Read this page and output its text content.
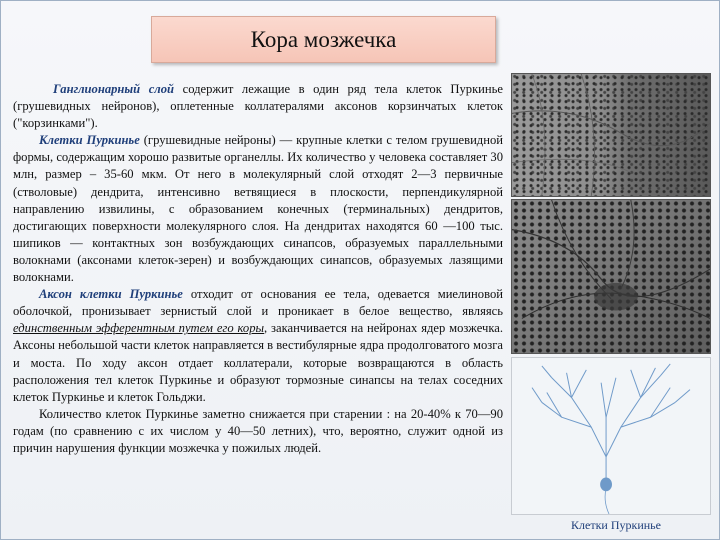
Кора мозжечка

Ганглионарный слой содержит лежащие в один ряд тела клеток Пуркинье (грушевидных нейронов), оплетенные коллатералями аксонов корзинчатых клеток ("корзинками").

Клетки Пуркинье (грушевидные нейроны) — крупные клетки с телом грушевидной формы, содержащим хорошо развитые органеллы. Их количество у человека составляет 30 млн, размер – 35-60 мкм. От него в молекулярный слой отходят 2—3 первичные (стволовые) дендрита, интенсивно ветвящиеся в плоскости, перпендикулярной направлению извилины, с образованием конечных (терминальных) дендритов, достигающих поверхности молекулярного слоя. На дендритах находятся 60 —100 тыс. шипиков — контактных зон возбуждающих синапсов, образуемых параллельными волокнами (аксонами клеток-зерен) и возбуждающих синапсов, образуемых лазящими волокнами.

Аксон клетки Пуркинье отходит от основания ее тела, одевается миелиновой оболочкой, пронизывает зернистый слой и проникает в белое вещество, являясь единственным эфферентным путем его коры, заканчивается на нейронах ядер мозжечка. Аксоны небольшой части клеток направляется в вестибулярные ядра продолговатого мозга и моста. По ходу аксон отдает коллатерали, которые возвращаются в область расположения тел клеток Пуркинье и образуют тормозные синапсы на телах соседних клеток Пуркинье и клеток Гольджи.

Количество клеток Пуркинье заметно снижается при старении : на 20-40% к 70—90 годам (по сравнению с их числом у 40—50 летних), что, вероятно, служит одной из причин нарушения функции мозжечка у пожилых людей.

Клетки Пуркинье
